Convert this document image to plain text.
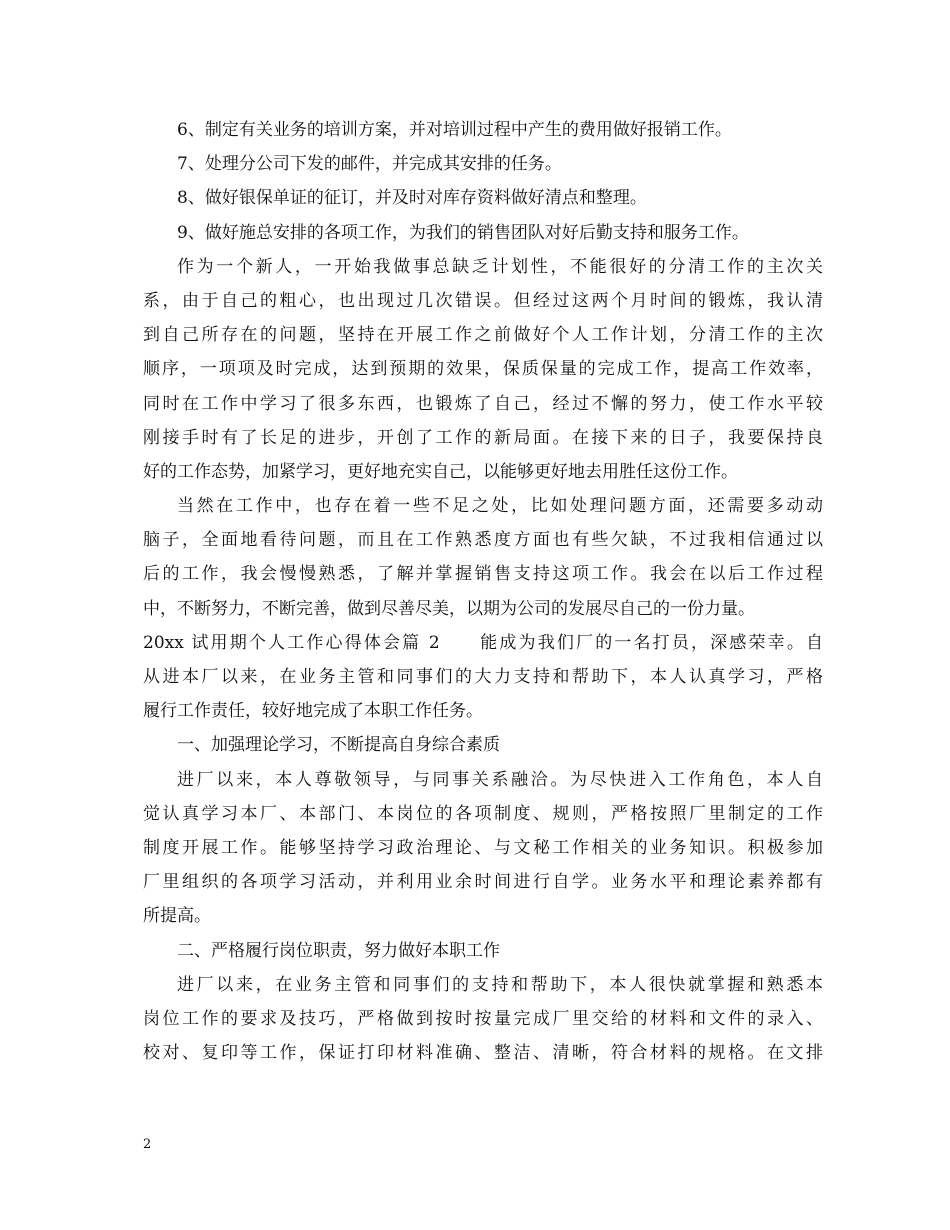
6、制定有关业务的培训方案，并对培训过程中产生的费用做好报销工作。
7、处理分公司下发的邮件，并完成其安排的任务。
8、做好银保单证的征订，并及时对库存资料做好清点和整理。
9、做好施总安排的各项工作，为我们的销售团队对好后勤支持和服务工作。
作为一个新人，一开始我做事总缺乏计划性，不能很好的分清工作的主次关
系，由于自己的粗心，也出现过几次错误。但经过这两个月时间的锻炼，我认清
到自己所存在的问题，坚持在开展工作之前做好个人工作计划，分清工作的主次
顺序，一项项及时完成，达到预期的效果，保质保量的完成工作，提高工作效率，
同时在工作中学习了很多东西，也锻炼了自己，经过不懈的努力，使工作水平较
刚接手时有了长足的进步，开创了工作的新局面。在接下来的日子，我要保持良
好的工作态势，加紧学习，更好地充实自己，以能够更好地去用胜任这份工作。
当然在工作中，也存在着一些不足之处，比如处理问题方面，还需要多动动
脑子，全面地看待问题，而且在工作熟悉度方面也有些欠缺，不过我相信通过以
后的工作，我会慢慢熟悉，了解并掌握销售支持这项工作。我会在以后工作过程
中，不断努力，不断完善，做到尽善尽美，以期为公司的发展尽自己的一份力量。
20xx 试用期个人工作心得体会篇 2　　能成为我们厂的一名打员，深感荣幸。自
从进本厂以来，在业务主管和同事们的大力支持和帮助下，本人认真学习，严格
履行工作责任，较好地完成了本职工作任务。
一、加强理论学习，不断提高自身综合素质
进厂以来，本人尊敬领导，与同事关系融洽。为尽快进入工作角色，本人自
觉认真学习本厂、本部门、本岗位的各项制度、规则，严格按照厂里制定的工作
制度开展工作。能够坚持学习政治理论、与文秘工作相关的业务知识。积极参加
厂里组织的各项学习活动，并利用业余时间进行自学。业务水平和理论素养都有
所提高。
二、严格履行岗位职责，努力做好本职工作
进厂以来，在业务主管和同事们的支持和帮助下，本人很快就掌握和熟悉本
岗位工作的要求及技巧，严格做到按时按量完成厂里交给的材料和文件的录入、
校对、复印等工作，保证打印材料准确、整洁、清晰，符合材料的规格。在文排
2
